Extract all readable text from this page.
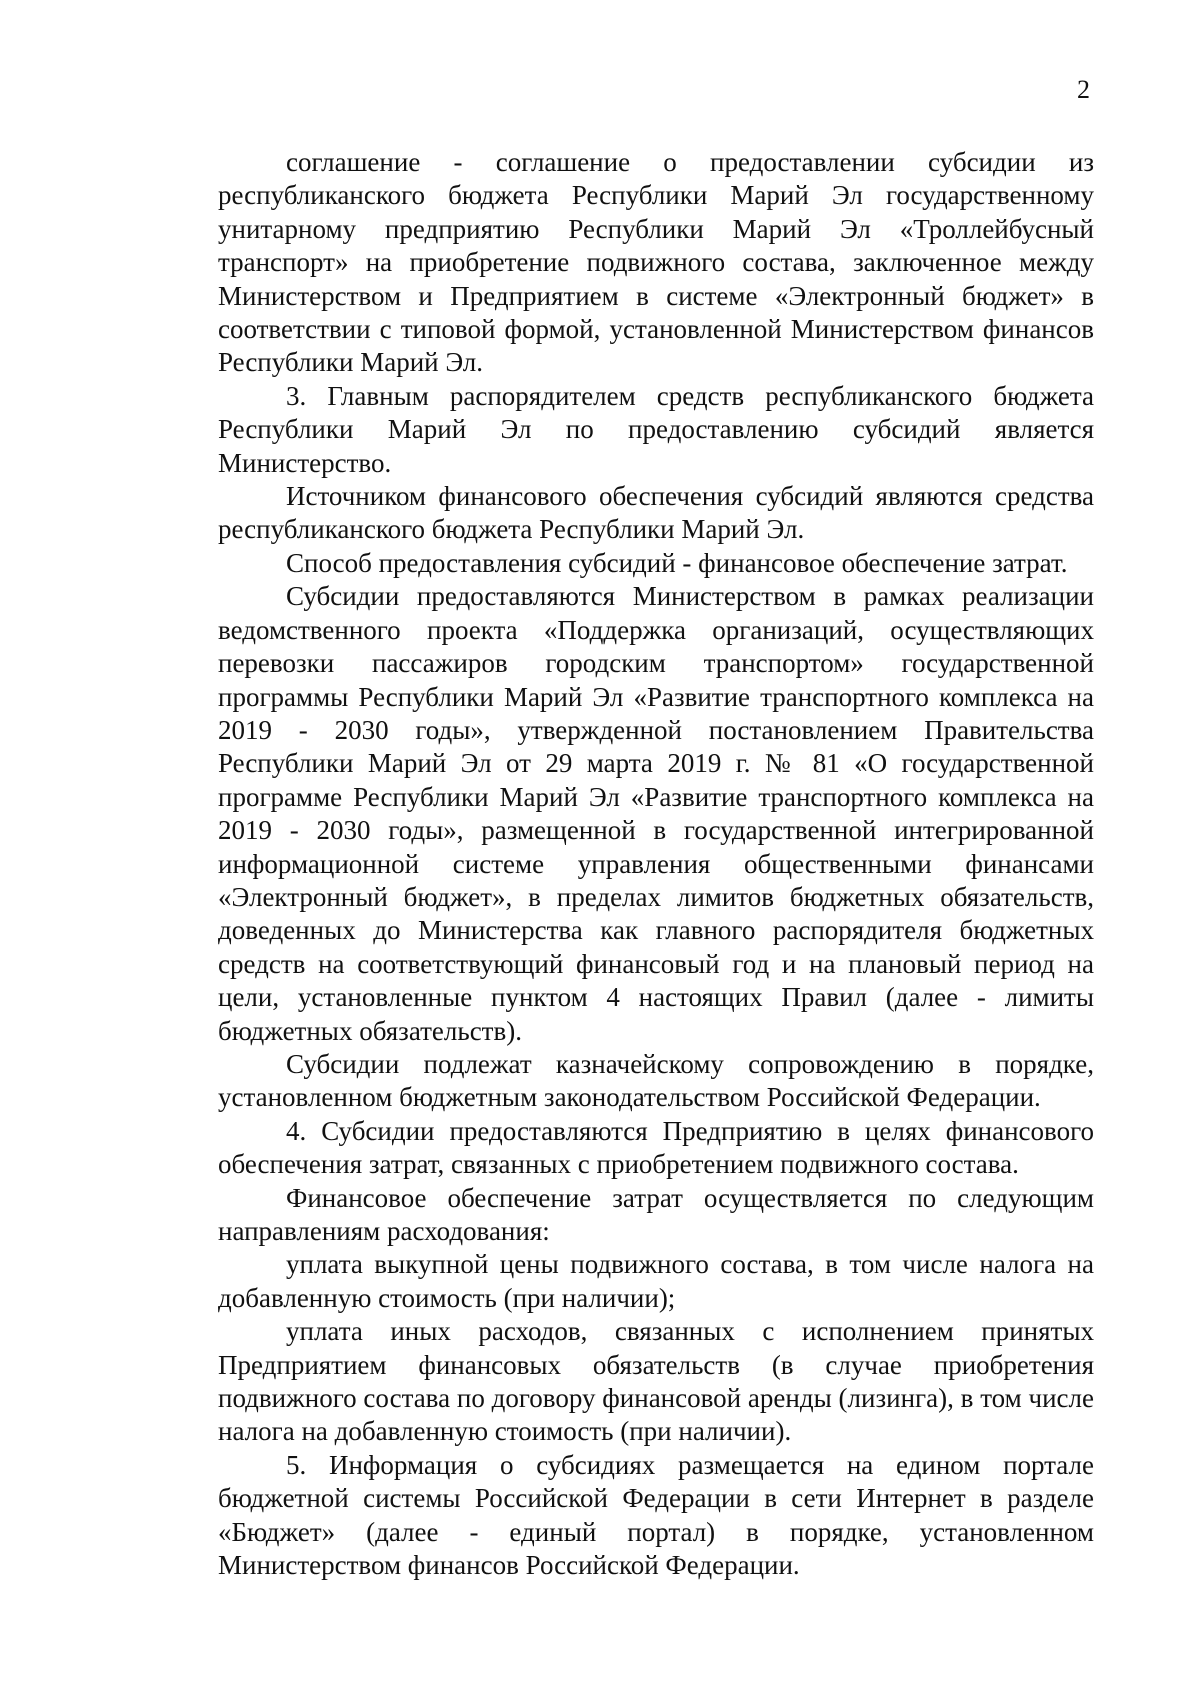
2

соглашение - соглашение о предоставлении субсидии из республиканского бюджета Республики Марий Эл государственному унитарному предприятию Республики Марий Эл «Троллейбусный транспорт» на приобретение подвижного состава, заключенное между Министерством и Предприятием в системе «Электронный бюджет» в соответствии с типовой формой, установленной Министерством финансов Республики Марий Эл.

3. Главным распорядителем средств республиканского бюджета Республики Марий Эл по предоставлению субсидий является Министерство.

Источником финансового обеспечения субсидий являются средства республиканского бюджета Республики Марий Эл.

Способ предоставления субсидий - финансовое обеспечение затрат.

Субсидии предоставляются Министерством в рамках реализации ведомственного проекта «Поддержка организаций, осуществляющих перевозки пассажиров городским транспортом» государственной программы Республики Марий Эл «Развитие транспортного комплекса на 2019 - 2030 годы», утвержденной постановлением Правительства Республики Марий Эл от 29 марта 2019 г. № 81 «О государственной программе Республики Марий Эл «Развитие транспортного комплекса на 2019 - 2030 годы», размещенной в государственной интегрированной информационной системе управления общественными финансами «Электронный бюджет», в пределах лимитов бюджетных обязательств, доведенных до Министерства как главного распорядителя бюджетных средств на соответствующий финансовый год и на плановый период на цели, установленные пунктом 4 настоящих Правил (далее - лимиты бюджетных обязательств).

Субсидии подлежат казначейскому сопровождению в порядке, установленном бюджетным законодательством Российской Федерации.

4. Субсидии предоставляются Предприятию в целях финансового обеспечения затрат, связанных с приобретением подвижного состава.

Финансовое обеспечение затрат осуществляется по следующим направлениям расходования:

уплата выкупной цены подвижного состава, в том числе налога на добавленную стоимость (при наличии);

уплата иных расходов, связанных с исполнением принятых Предприятием финансовых обязательств (в случае приобретения подвижного состава по договору финансовой аренды (лизинга), в том числе налога на добавленную стоимость (при наличии).

5. Информация о субсидиях размещается на едином портале бюджетной системы Российской Федерации в сети Интернет в разделе «Бюджет» (далее - единый портал) в порядке, установленном Министерством финансов Российской Федерации.
